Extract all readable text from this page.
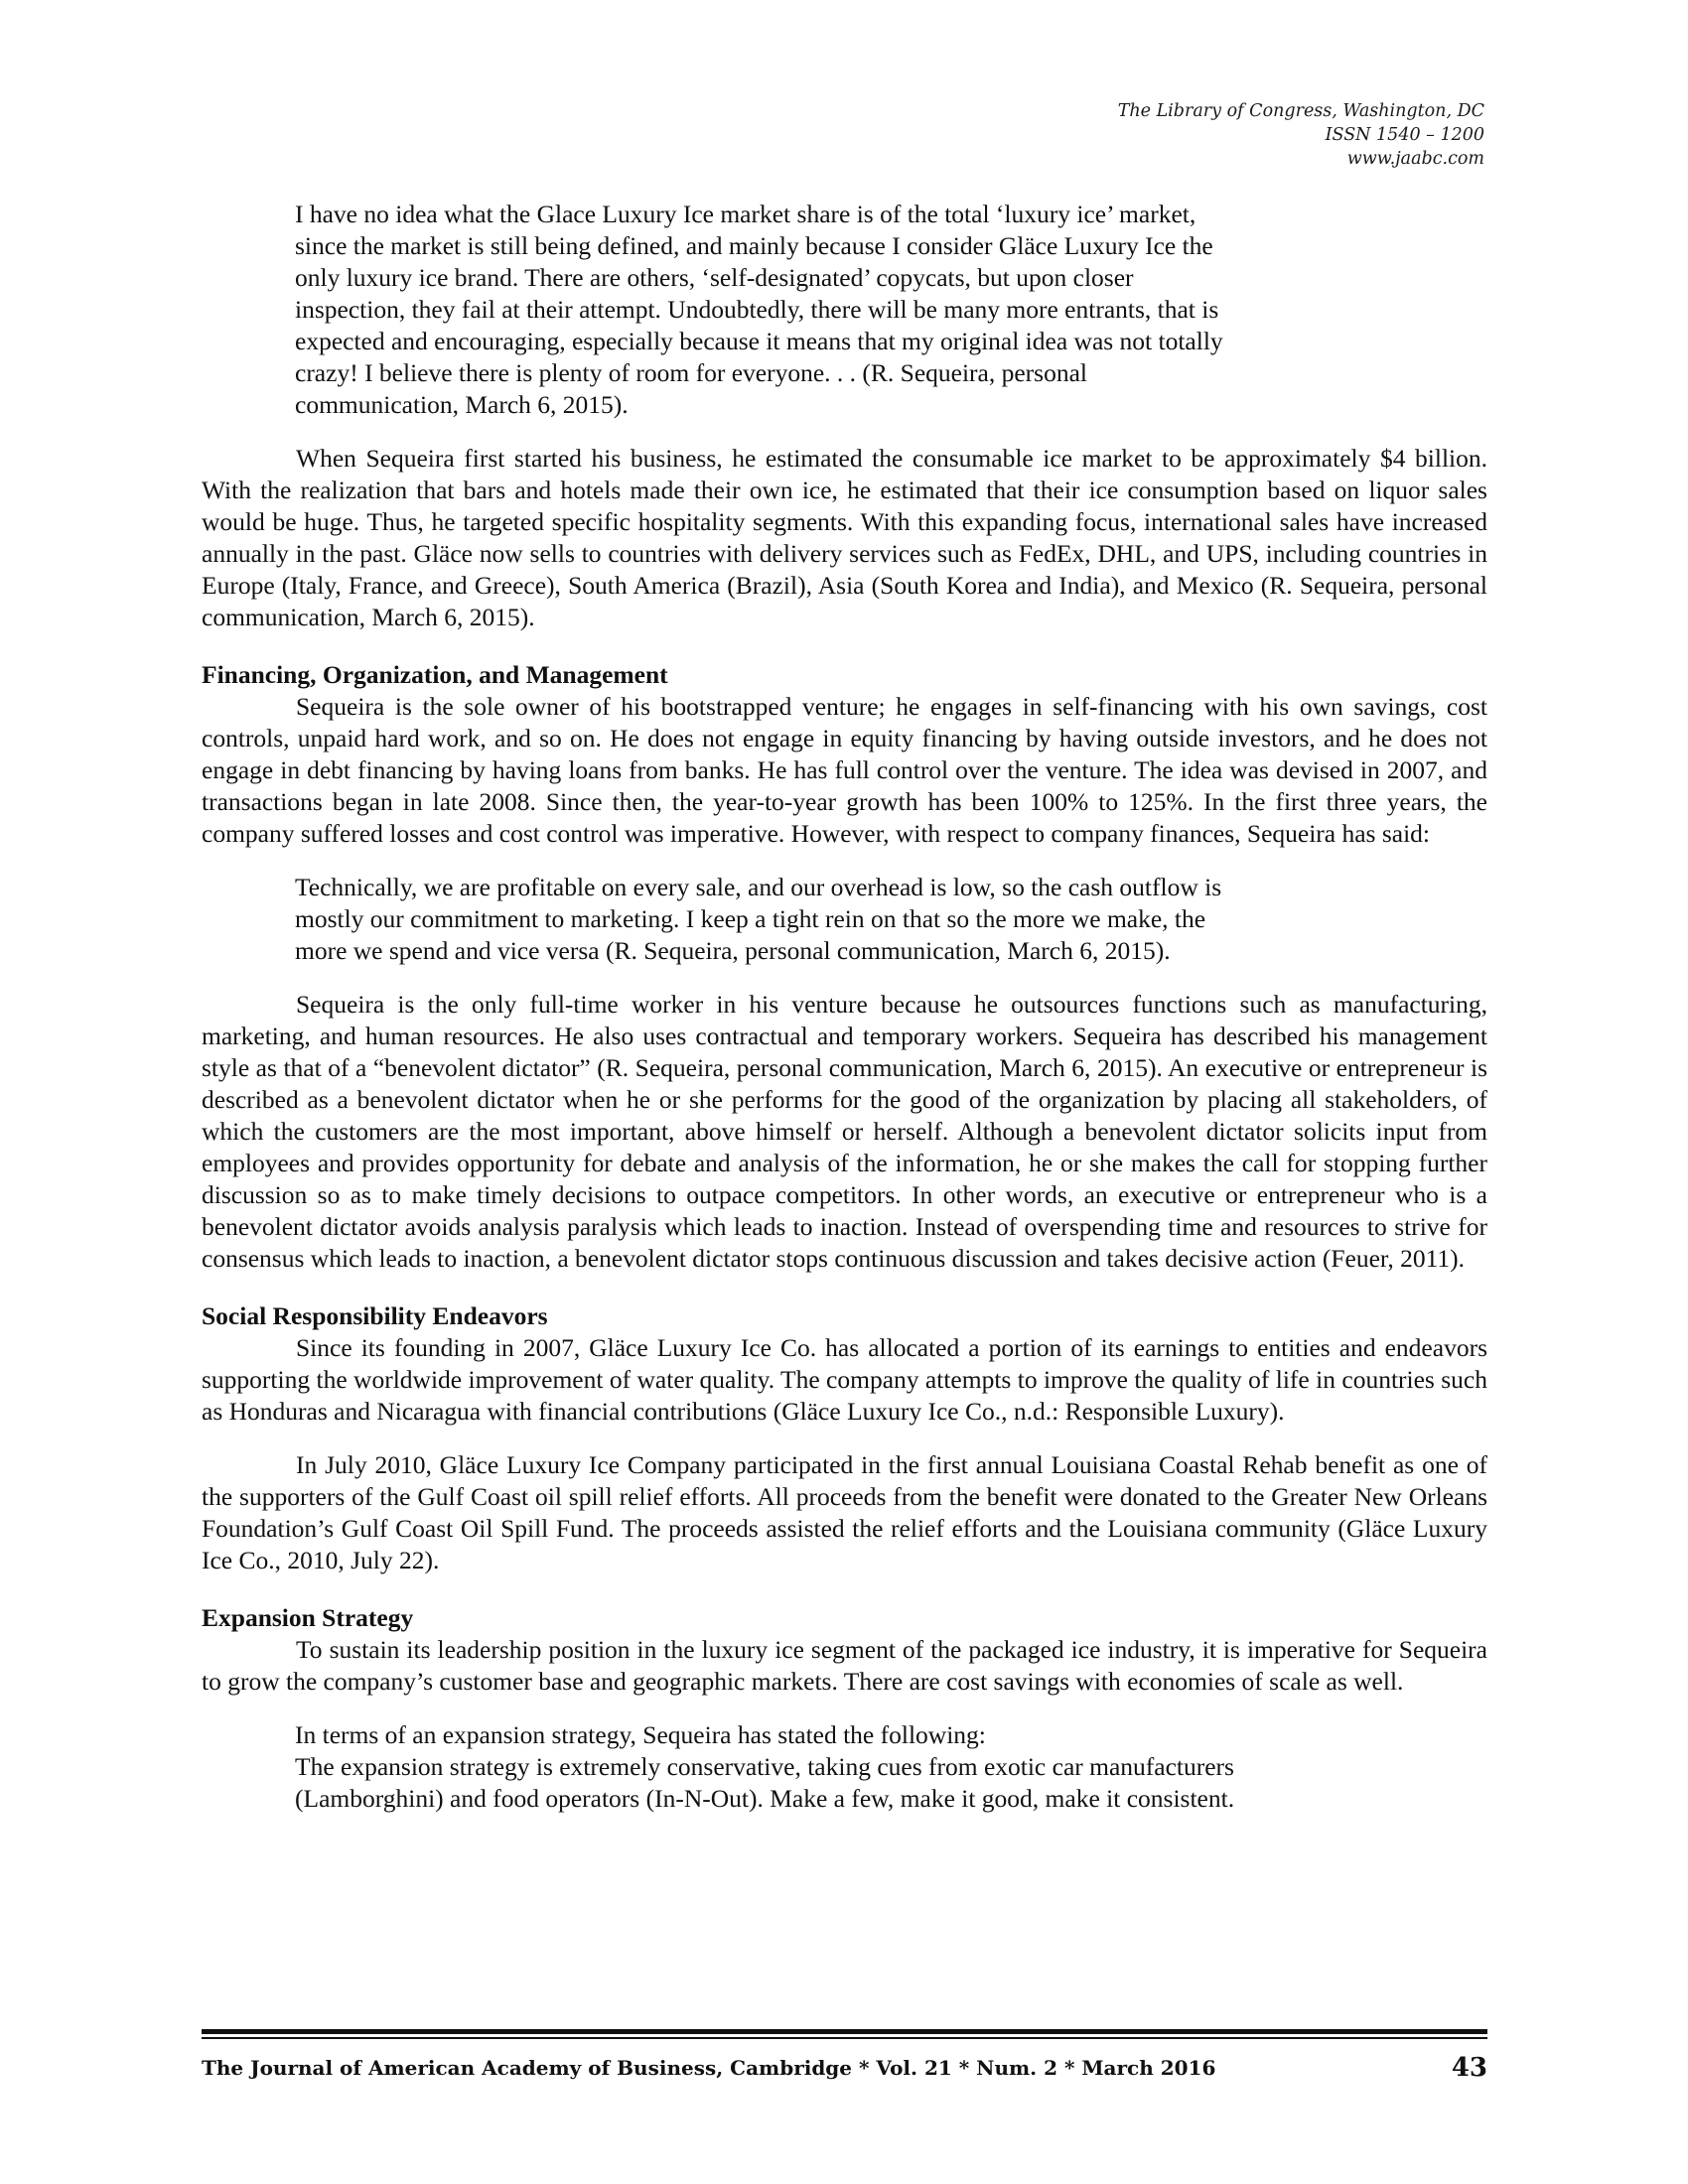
The Library of Congress, Washington, DC
ISSN 1540 – 1200
www.jaabc.com
I have no idea what the Glace Luxury Ice market share is of the total ‘luxury ice’ market,
since the market is still being defined, and mainly because I consider Gläce Luxury Ice the
only luxury ice brand. There are others, ‘self-designated’ copycats, but upon closer
inspection, they fail at their attempt. Undoubtedly, there will be many more entrants, that is
expected and encouraging, especially because it means that my original idea was not totally
crazy! I believe there is plenty of room for everyone. . . (R. Sequeira, personal
communication, March 6, 2015).

When Sequeira first started his business, he estimated the consumable ice market to be approximately $4 billion. With the realization that bars and hotels made their own ice, he estimated that their ice consumption based on liquor sales would be huge. Thus, he targeted specific hospitality segments. With this expanding focus, international sales have increased annually in the past. Gläce now sells to countries with delivery services such as FedEx, DHL, and UPS, including countries in Europe (Italy, France, and Greece), South America (Brazil), Asia (South Korea and India), and Mexico (R. Sequeira, personal communication, March 6, 2015).

Financing, Organization, and Management

Sequeira is the sole owner of his bootstrapped venture; he engages in self-financing with his own savings, cost controls, unpaid hard work, and so on. He does not engage in equity financing by having outside investors, and he does not engage in debt financing by having loans from banks. He has full control over the venture. The idea was devised in 2007, and transactions began in late 2008. Since then, the year-to-year growth has been 100% to 125%. In the first three years, the company suffered losses and cost control was imperative. However, with respect to company finances, Sequeira has said:

Technically, we are profitable on every sale, and our overhead is low, so the cash outflow is
mostly our commitment to marketing. I keep a tight rein on that so the more we make, the
more we spend and vice versa (R. Sequeira, personal communication, March 6, 2015).

Sequeira is the only full-time worker in his venture because he outsources functions such as manufacturing, marketing, and human resources. He also uses contractual and temporary workers. Sequeira has described his management style as that of a “benevolent dictator” (R. Sequeira, personal communication, March 6, 2015). An executive or entrepreneur is described as a benevolent dictator when he or she performs for the good of the organization by placing all stakeholders, of which the customers are the most important, above himself or herself. Although a benevolent dictator solicits input from employees and provides opportunity for debate and analysis of the information, he or she makes the call for stopping further discussion so as to make timely decisions to outpace competitors. In other words, an executive or entrepreneur who is a benevolent dictator avoids analysis paralysis which leads to inaction. Instead of overspending time and resources to strive for consensus which leads to inaction, a benevolent dictator stops continuous discussion and takes decisive action (Feuer, 2011).

Social Responsibility Endeavors

Since its founding in 2007, Gläce Luxury Ice Co. has allocated a portion of its earnings to entities and endeavors supporting the worldwide improvement of water quality. The company attempts to improve the quality of life in countries such as Honduras and Nicaragua with financial contributions (Gläce Luxury Ice Co., n.d.: Responsible Luxury).

In July 2010, Gläce Luxury Ice Company participated in the first annual Louisiana Coastal Rehab benefit as one of the supporters of the Gulf Coast oil spill relief efforts. All proceeds from the benefit were donated to the Greater New Orleans Foundation’s Gulf Coast Oil Spill Fund. The proceeds assisted the relief efforts and the Louisiana community (Gläce Luxury Ice Co., 2010, July 22).

Expansion Strategy

To sustain its leadership position in the luxury ice segment of the packaged ice industry, it is imperative for Sequeira to grow the company’s customer base and geographic markets. There are cost savings with economies of scale as well.

In terms of an expansion strategy, Sequeira has stated the following:
The expansion strategy is extremely conservative, taking cues from exotic car manufacturers
(Lamborghini) and food operators (In-N-Out). Make a few, make it good, make it consistent.
The Journal of American Academy of Business, Cambridge * Vol. 21 * Num. 2 * March 2016	43
